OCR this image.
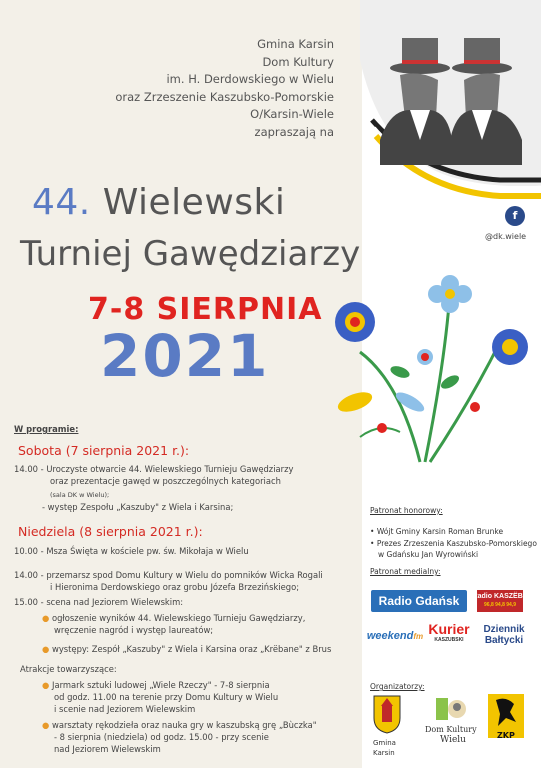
f
@dk.wiele
Gmina Karsin
Dom Kultury
im. H. Derdowskiego w Wielu
oraz Zrzeszenie Kaszubsko-Pomorskie
O/Karsin-Wiele
zapraszają na
44. Wielewski
Turniej Gawędziarzy
7-8 SIERPNIA
2021
W programie:
Sobota (7 sierpnia 2021 r.):
14.00 - Uroczyste otwarcie 44. Wielewskiego Turnieju Gawędziarzy
oraz prezentacje gawęd w poszczególnych kategoriach
(sala DK w Wielu);
- występ Zespołu „Kaszuby" z Wiela i Karsina;
Niedziela (8 sierpnia 2021 r.):
10.00 - Msza Święta w kościele pw. św. Mikołaja w Wielu
14.00 - przemarsz spod Domu Kultury w Wielu do pomników Wicka Rogali
i Hieronima Derdowskiego oraz grobu Józefa Brzezińskiego;
15.00 - scena nad Jeziorem Wielewskim:
● ogłoszenie wyników 44. Wielewskiego Turnieju Gawędziarzy,
wręczenie nagród i występ laureatów;
● występy: Zespół „Kaszuby" z Wiela i Karsina oraz „Krëbane" z Brus
Atrakcje towarzyszące:
● Jarmark sztuki ludowej „Wiele Rzeczy" - 7-8 sierpnia
od godz. 11.00 na terenie przy Domu Kultury w Wielu
i scenie nad Jeziorem Wielewskim
● warsztaty rękodzieła oraz nauka gry w kaszubską grę „Bùczka"
- 8 sierpnia (niedziela) od godz. 15.00 - przy scenie
nad Jeziorem Wielewskim
Patronat honorowy:
• Wójt Gminy Karsin Roman Brunke
• Prezes Zrzeszenia Kaszubsko-Pomorskiego
w Gdańsku Jan Wyrowiński
Patronat medialny:
Radio Gdańsk	Radio KASZËBË
96,8 94,8 94,9
weekend fm Kurier
KASZUBSKI
Dziennik
Bałtycki
Organizatorzy:
Gmina
Karsin
Dom Kultury
Wielu	ZKP
